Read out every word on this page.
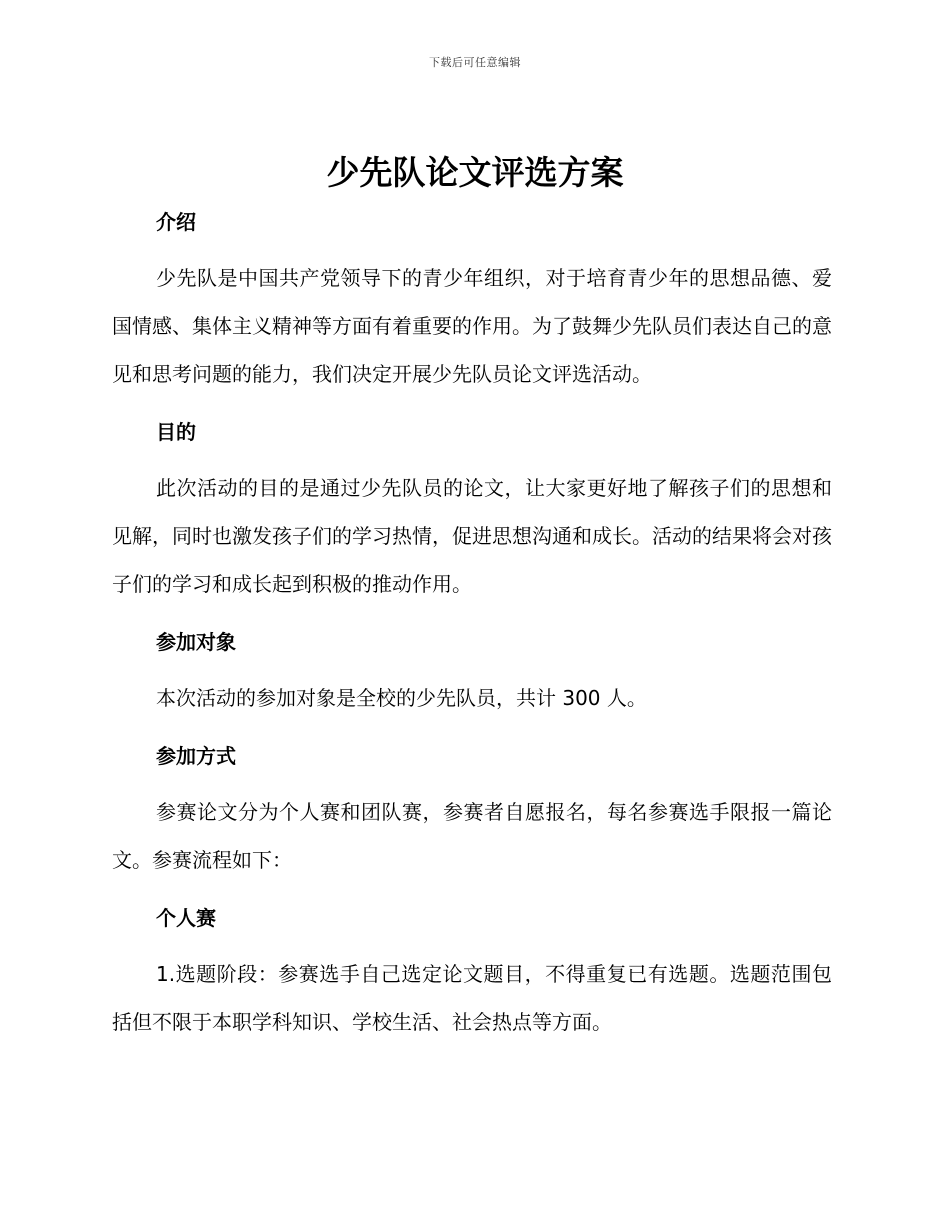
下载后可任意编辑
少先队论文评选方案
介绍

少先队是中国共产党领导下的青少年组织，对于培育青少年的思想品德、爱国情感、集体主义精神等方面有着重要的作用。为了鼓舞少先队员们表达自己的意见和思考问题的能力，我们决定开展少先队员论文评选活动。

目的

此次活动的目的是通过少先队员的论文，让大家更好地了解孩子们的思想和见解，同时也激发孩子们的学习热情，促进思想沟通和成长。活动的结果将会对孩子们的学习和成长起到积极的推动作用。

参加对象

本次活动的参加对象是全校的少先队员，共计 300 人。

参加方式

参赛论文分为个人赛和团队赛，参赛者自愿报名，每名参赛选手限报一篇论文。参赛流程如下：

个人赛

1.选题阶段：参赛选手自己选定论文题目，不得重复已有选题。选题范围包括但不限于本职学科知识、学校生活、社会热点等方面。
